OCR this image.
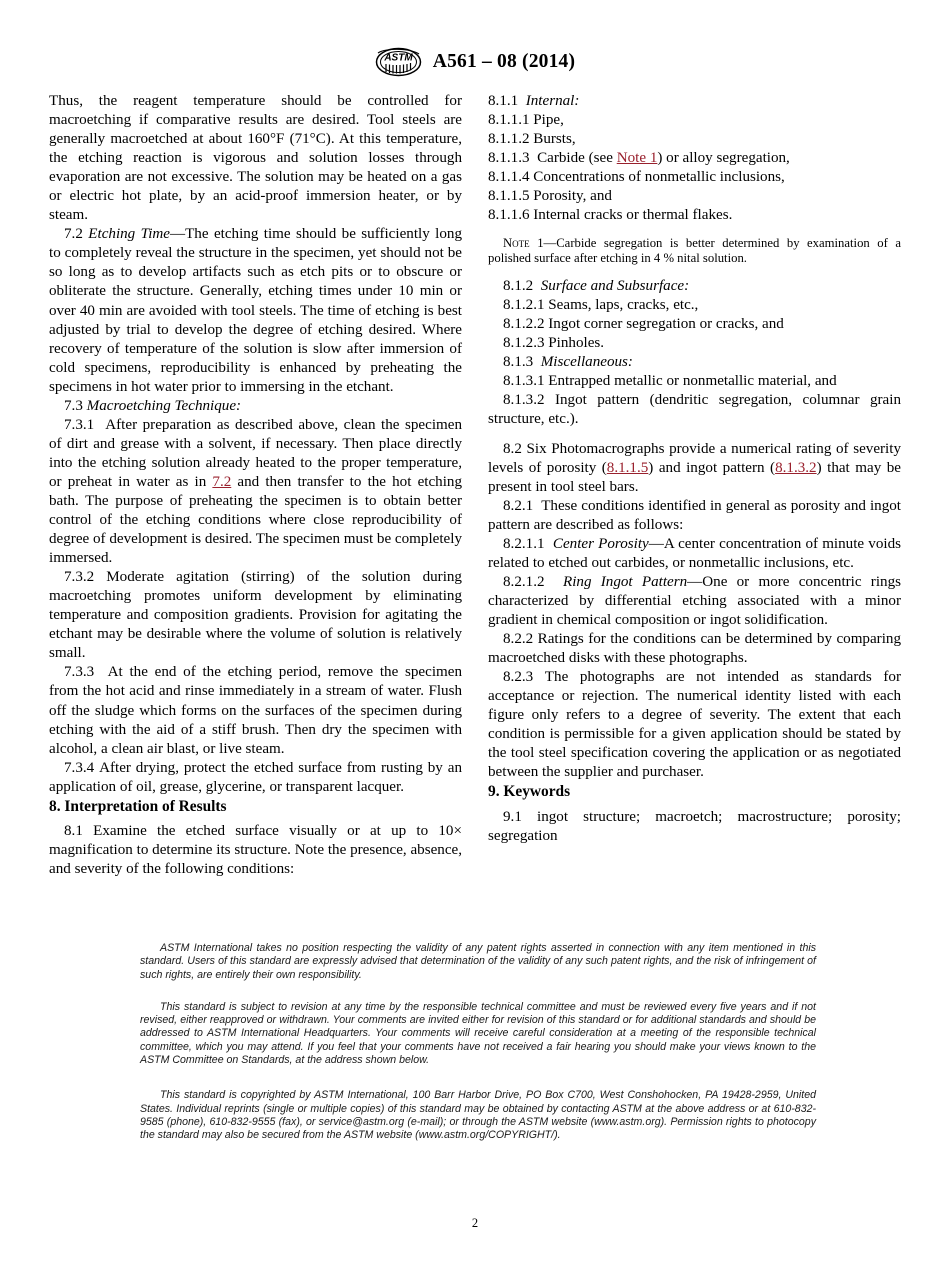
ASTM A561 – 08 (2014)

Thus, the reagent temperature should be controlled for macroetching if comparative results are desired. Tool steels are generally macroetched at about 160°F (71°C). At this temperature, the etching reaction is vigorous and solution losses through evaporation are not excessive. The solution may be heated on a gas or electric hot plate, by an acid-proof immersion heater, or by steam.

7.2 Etching Time—The etching time should be sufficiently long to completely reveal the structure in the specimen, yet should not be so long as to develop artifacts such as etch pits or to obscure or obliterate the structure. Generally, etching times under 10 min or over 40 min are avoided with tool steels. The time of etching is best adjusted by trial to develop the degree of etching desired. Where recovery of temperature of the solution is slow after immersion of cold specimens, reproducibility is enhanced by preheating the specimens in hot water prior to immersing in the etchant.

7.3 Macroetching Technique:

7.3.1 After preparation as described above, clean the specimen of dirt and grease with a solvent, if necessary. Then place directly into the etching solution already heated to the proper temperature, or preheat in water as in 7.2 and then transfer to the hot etching bath. The purpose of preheating the specimen is to obtain better control of the etching conditions where close reproducibility of degree of development is desired. The specimen must be completely immersed.

7.3.2 Moderate agitation (stirring) of the solution during macroetching promotes uniform development by eliminating temperature and composition gradients. Provision for agitating the etchant may be desirable where the volume of solution is relatively small.

7.3.3 At the end of the etching period, remove the specimen from the hot acid and rinse immediately in a stream of water. Flush off the sludge which forms on the surfaces of the specimen during etching with the aid of a stiff brush. Then dry the specimen with alcohol, a clean air blast, or live steam.

7.3.4 After drying, protect the etched surface from rusting by an application of oil, grease, glycerine, or transparent lacquer.

8. Interpretation of Results

8.1 Examine the etched surface visually or at up to 10× magnification to determine its structure. Note the presence, absence, and severity of the following conditions:

8.1.1 Internal:

8.1.1.1 Pipe,

8.1.1.2 Bursts,

8.1.1.3 Carbide (see Note 1) or alloy segregation,

8.1.1.4 Concentrations of nonmetallic inclusions,

8.1.1.5 Porosity, and

8.1.1.6 Internal cracks or thermal flakes.

Note 1—Carbide segregation is better determined by examination of a polished surface after etching in 4 % nital solution.

8.1.2 Surface and Subsurface:

8.1.2.1 Seams, laps, cracks, etc.,

8.1.2.2 Ingot corner segregation or cracks, and

8.1.2.3 Pinholes.

8.1.3 Miscellaneous:

8.1.3.1 Entrapped metallic or nonmetallic material, and

8.1.3.2 Ingot pattern (dendritic segregation, columnar grain structure, etc.).

8.2 Six Photomacrographs provide a numerical rating of severity levels of porosity (8.1.1.5) and ingot pattern (8.1.3.2) that may be present in tool steel bars.

8.2.1 These conditions identified in general as porosity and ingot pattern are described as follows:

8.2.1.1 Center Porosity—A center concentration of minute voids related to etched out carbides, or nonmetallic inclusions, etc.

8.2.1.2 Ring Ingot Pattern—One or more concentric rings characterized by differential etching associated with a minor gradient in chemical composition or ingot solidification.

8.2.2 Ratings for the conditions can be determined by comparing macroetched disks with these photographs.

8.2.3 The photographs are not intended as standards for acceptance or rejection. The numerical identity listed with each figure only refers to a degree of severity. The extent that each condition is permissible for a given application should be stated by the tool steel specification covering the application or as negotiated between the supplier and purchaser.

9. Keywords

9.1 ingot structure; macroetch; macrostructure; porosity; segregation

ASTM International takes no position respecting the validity of any patent rights asserted in connection with any item mentioned in this standard. Users of this standard are expressly advised that determination of the validity of any such patent rights, and the risk of infringement of such rights, are entirely their own responsibility.

This standard is subject to revision at any time by the responsible technical committee and must be reviewed every five years and if not revised, either reapproved or withdrawn. Your comments are invited either for revision of this standard or for additional standards and should be addressed to ASTM International Headquarters. Your comments will receive careful consideration at a meeting of the responsible technical committee, which you may attend. If you feel that your comments have not received a fair hearing you should make your views known to the ASTM Committee on Standards, at the address shown below.

This standard is copyrighted by ASTM International, 100 Barr Harbor Drive, PO Box C700, West Conshohocken, PA 19428-2959, United States. Individual reprints (single or multiple copies) of this standard may be obtained by contacting ASTM at the above address or at 610-832-9585 (phone), 610-832-9555 (fax), or service@astm.org (e-mail); or through the ASTM website (www.astm.org). Permission rights to photocopy the standard may also be secured from the ASTM website (www.astm.org/COPYRIGHT/).

2
